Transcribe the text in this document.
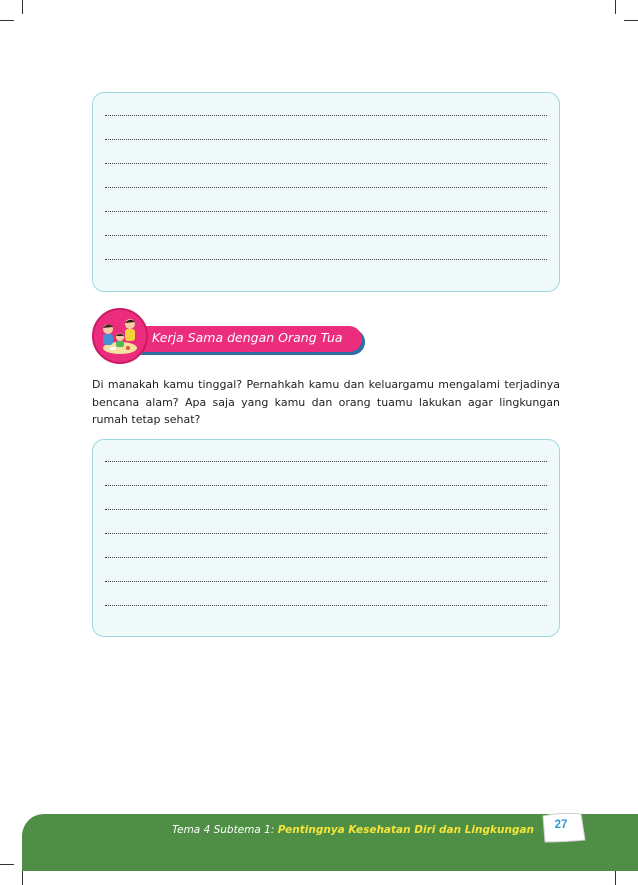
Kerja Sama dengan Orang Tua

Di manakah kamu tinggal? Pernahkah kamu dan keluargamu mengalami terjadinya bencana alam? Apa saja yang kamu dan orang tuamu lakukan agar lingkungan rumah tetap sehat?

Tema 4 Subtema 1: Pentingnya Kesehatan Diri dan Lingkungan	27
